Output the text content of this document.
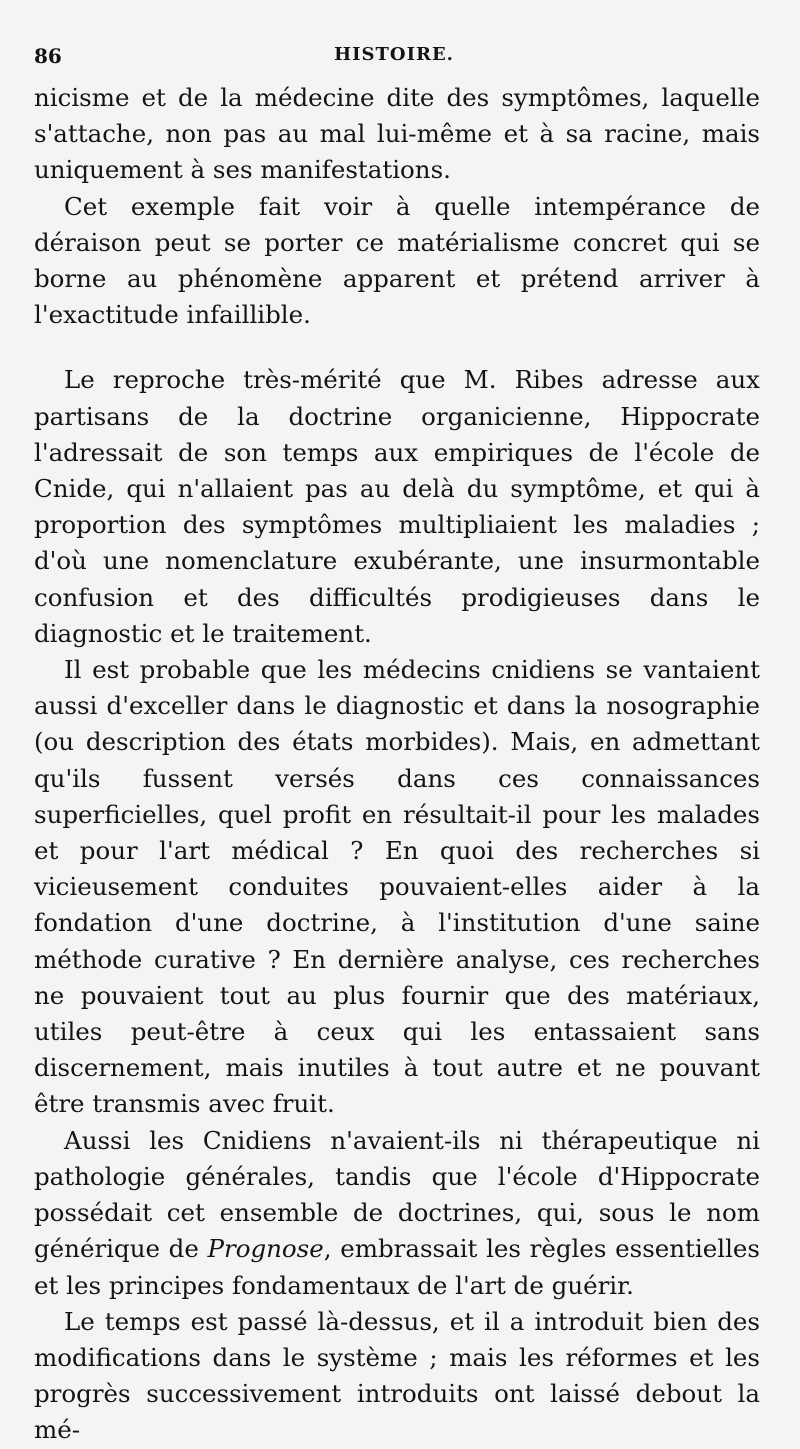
86	HISTOIRE.

nicisme et de la médecine dite des symptômes, laquelle s'attache, non pas au mal lui-même et à sa racine, mais uniquement à ses manifestations.

Cet exemple fait voir à quelle intempérance de déraison peut se porter ce matérialisme concret qui se borne au phénomène apparent et prétend arriver à l'exactitude infaillible.

Le reproche très-mérité que M. Ribes adresse aux partisans de la doctrine organicienne, Hippocrate l'adressait de son temps aux empiriques de l'école de Cnide, qui n'allaient pas au delà du symptôme, et qui à proportion des symptômes multipliaient les maladies ; d'où une nomenclature exubérante, une insurmontable confusion et des difficultés prodigieuses dans le diagnostic et le traitement.

Il est probable que les médecins cnidiens se vantaient aussi d'exceller dans le diagnostic et dans la nosographie (ou description des états morbides). Mais, en admettant qu'ils fussent versés dans ces connaissances superficielles, quel profit en résultait-il pour les malades et pour l'art médical ? En quoi des recherches si vicieusement conduites pouvaient-elles aider à la fondation d'une doctrine, à l'institution d'une saine méthode curative ? En dernière analyse, ces recherches ne pouvaient tout au plus fournir que des matériaux, utiles peut-être à ceux qui les entassaient sans discernement, mais inutiles à tout autre et ne pouvant être transmis avec fruit.

Aussi les Cnidiens n'avaient-ils ni thérapeutique ni pathologie générales, tandis que l'école d'Hippocrate possédait cet ensemble de doctrines, qui, sous le nom générique de Prognose, embrassait les règles essentielles et les principes fondamentaux de l'art de guérir.

Le temps est passé là-dessus, et il a introduit bien des modifications dans le système ; mais les réformes et les progrès successivement introduits ont laissé debout la mé-
